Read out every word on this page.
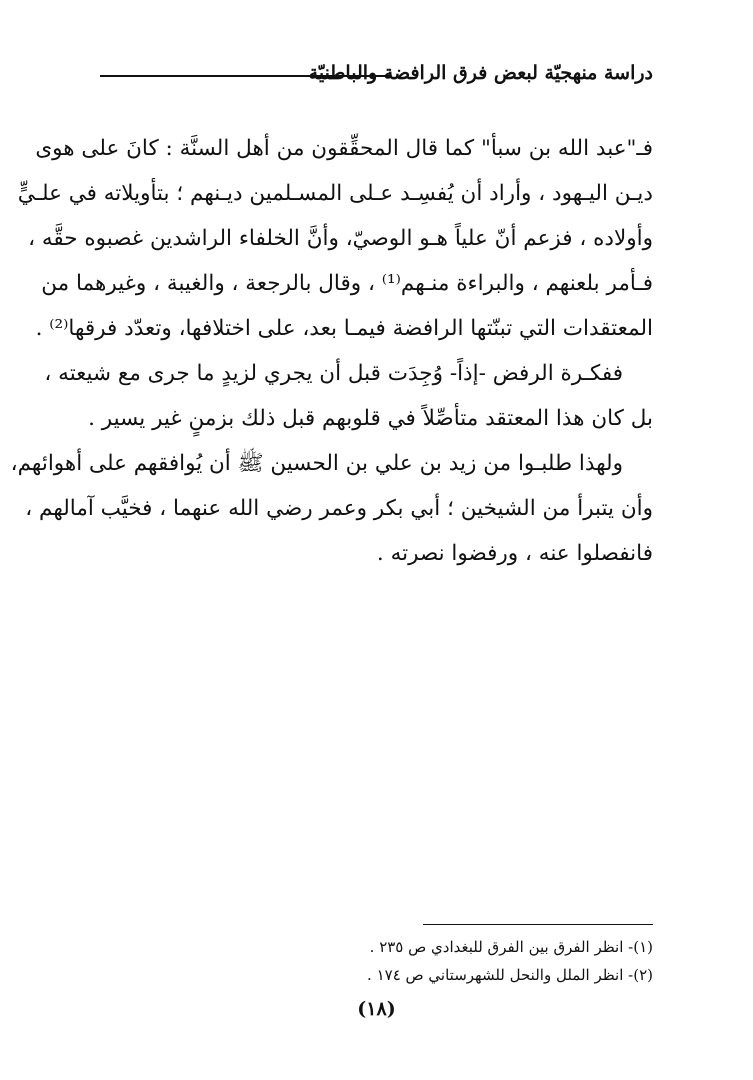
دراسة منهجيّة لبعض فرق الرافضة والباطنيّة
فـ"عبد الله بن سبأ" كما قال المحقِّقون من أهل السنَّة : كانَ على هوى
ديـن اليـهود ، وأراد أن يُفسِـد عـلى المسـلمين ديـنهم ؛ بتأويلاته في علـيٍّ
وأولاده ، فزعم أنّ علياً هـو الوصيّ، وأنَّ الخلفاء الراشدين غصبوه حقَّه ،
فـأمر بلعنهم ، والبراءة منـهم⁽¹⁾ ، وقال بالرجعة ، والغيبة ، وغيرهما من
المعتقدات التي تبنّتها الرافضة فيمـا بعد، على اختلافها، وتعدّد فرقها⁽²⁾ .
ففكـرة الرفض -إذاً- وُجِدَت قبل أن يجري لزيدٍ ما جرى مع شيعته ،
بل كان هذا المعتقد متأصِّلاً في قلوبهم قبل ذلك بزمنٍ غير يسير .
ولهذا طلبـوا من زيد بن علي بن الحسين ﷺ أن يُوافقهم على أهوائهم،
وأن يتبرأ من الشيخين ؛ أبي بكر وعمر رضي الله عنهما ، فخيَّب آمالهم ،
فانفصلوا عنه ، ورفضوا نصرته .
(١)- انظر الفرق بين الفرق للبغدادي ص ٢٣٥ .
(٢)- انظر الملل والنحل للشهرستاني ص ١٧٤ .
(١٨)
